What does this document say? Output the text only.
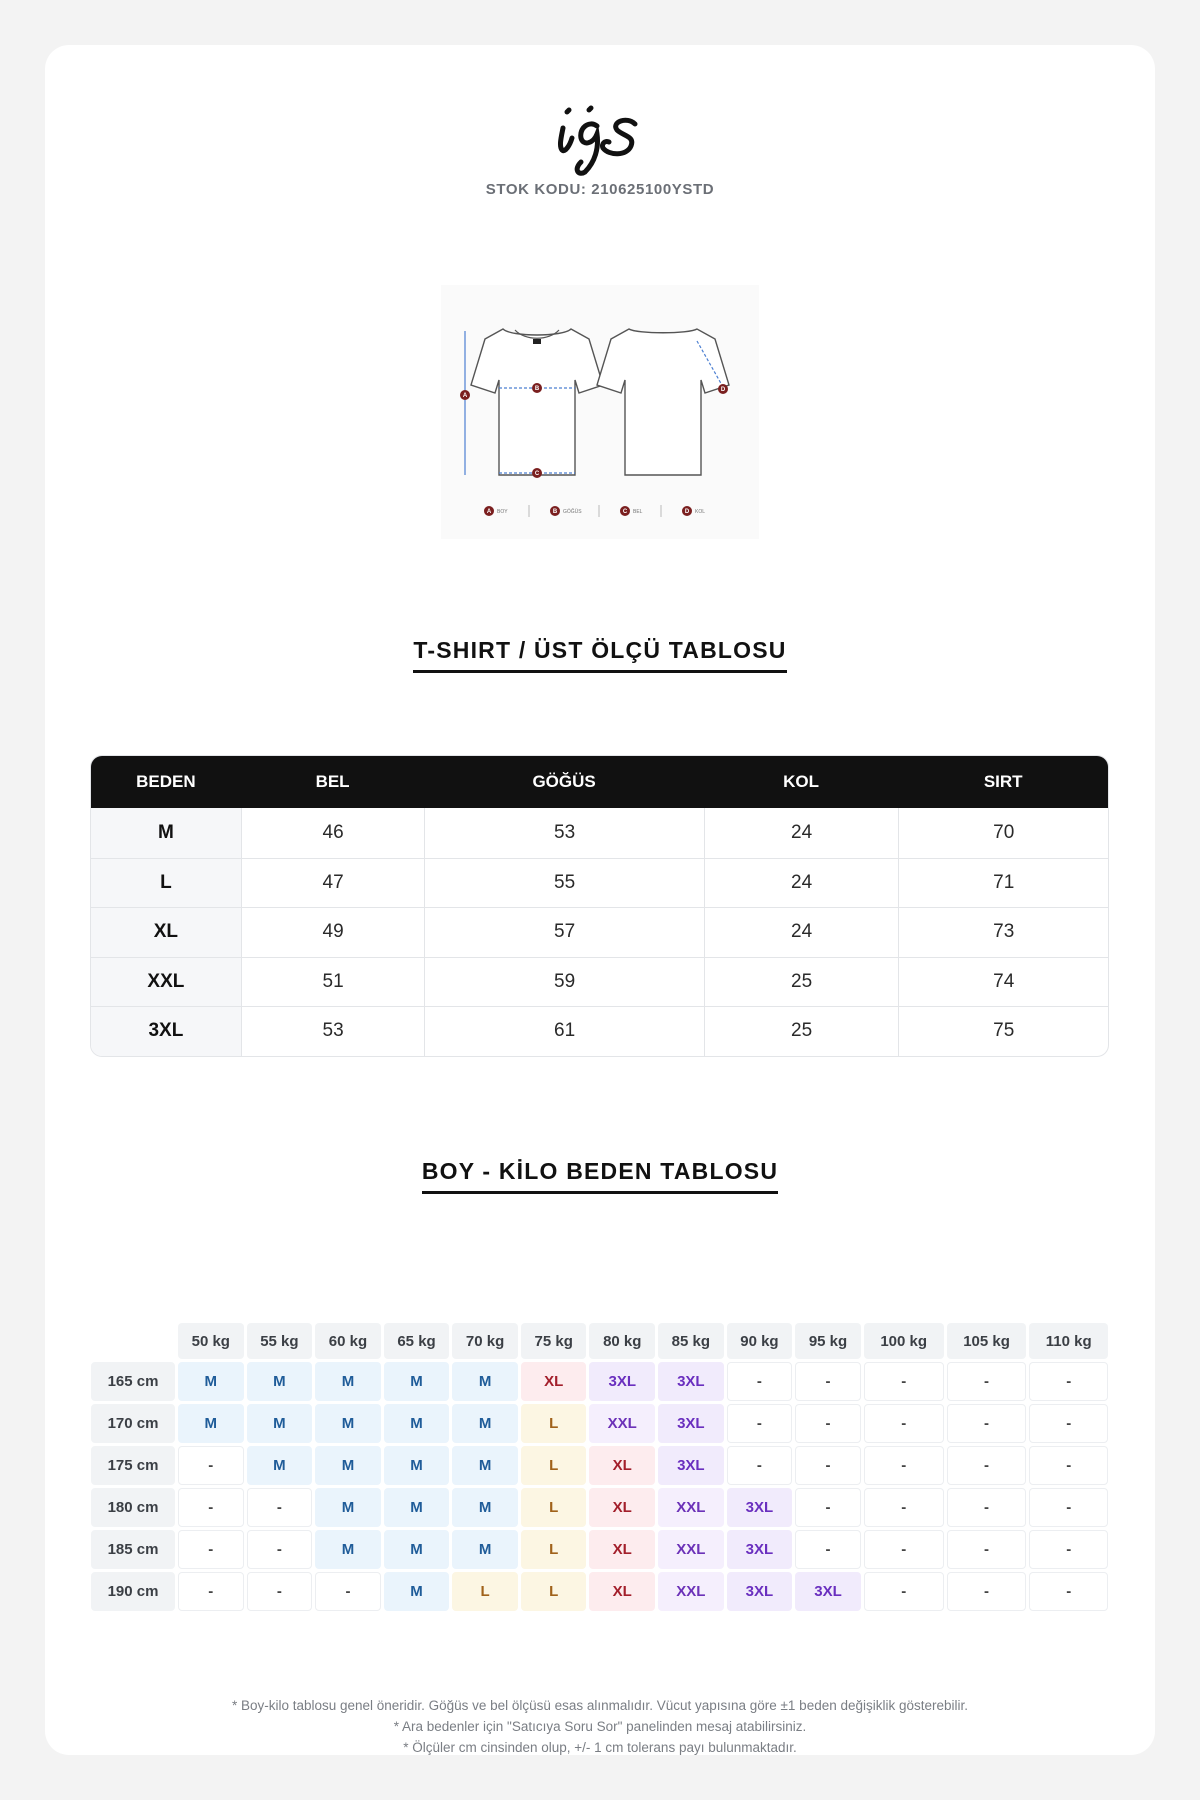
STOK KODU: 210625100YSTD
A
B
C
D
A	B	C	D
BOY	GÖĞÜS	BEL	KOL
T-SHIRT / ÜST ÖLÇÜ TABLOSU
BEDEN	BEL	GÖĞÜS	KOL	SIRT
M	46	53	24	70
L	47	55	24	71
XL	49	57	24	73
XXL	51	59	25	74
3XL	53	61	25	75
BOY - KİLO BEDEN TABLOSU
	50 kg	55 kg	60 kg	65 kg	70 kg	75 kg	80 kg	85 kg	90 kg	95 kg	100 kg	105 kg	110 kg
165 cm	M	M	M	M	M	XL	3XL	3XL	-	-	-	-	-
170 cm	M	M	M	M	M	L	XXL	3XL	-	-	-	-	-
175 cm	-	M	M	M	M	L	XL	3XL	-	-	-	-	-
180 cm	-	-	M	M	M	L	XL	XXL	3XL	-	-	-	-
185 cm	-	-	M	M	M	L	XL	XXL	3XL	-	-	-	-
190 cm	-	-	-	M	L	L	XL	XXL	3XL	3XL	-	-	-
* Boy-kilo tablosu genel öneridir. Göğüs ve bel ölçüsü esas alınmalıdır. Vücut yapısına göre ±1 beden değişiklik gösterebilir.
* Ara bedenler için "Satıcıya Soru Sor" panelinden mesaj atabilirsiniz.
* Ölçüler cm cinsinden olup, +/- 1 cm tolerans payı bulunmaktadır.
